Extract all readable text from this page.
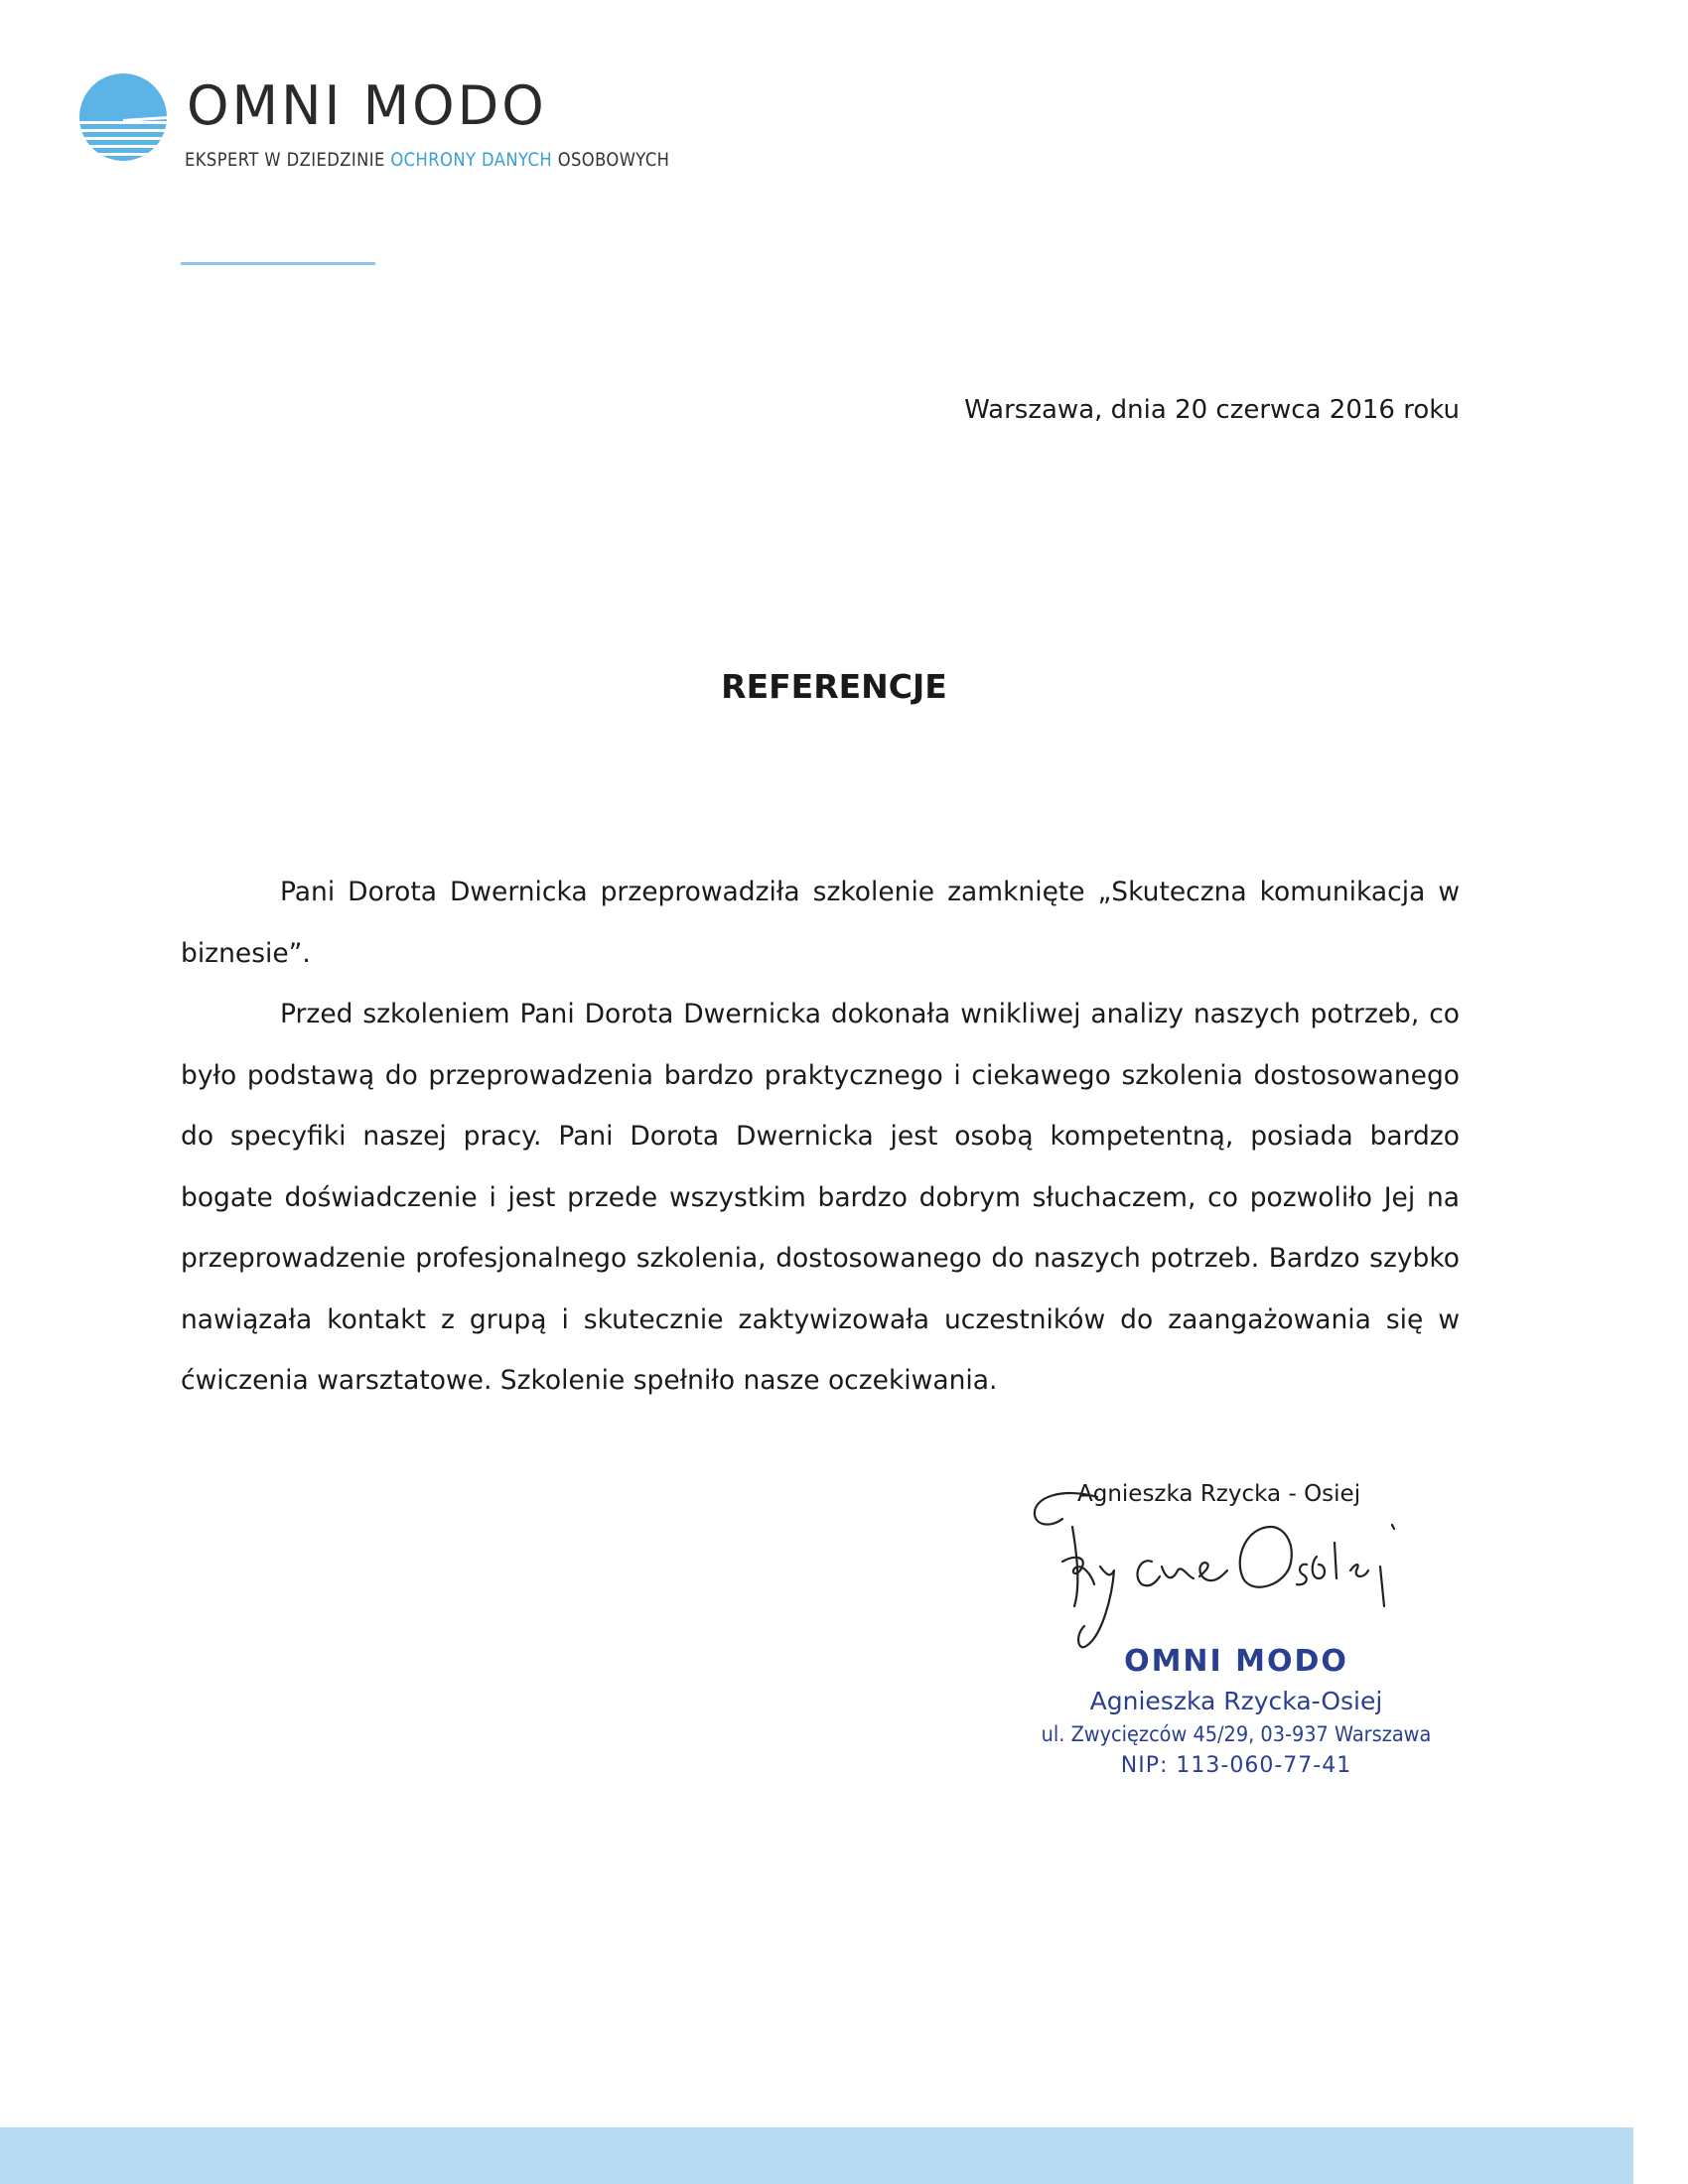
OMNI MODO
EKSPERT W DZIEDZINIE OCHRONY DANYCH OSOBOWYCH
Warszawa, dnia 20 czerwca 2016 roku
REFERENCJE

Pani Dorota Dwernicka przeprowadziła szkolenie zamknięte „Skuteczna komunikacja w biznesie”.

Przed szkoleniem Pani Dorota Dwernicka dokonała wnikliwej analizy naszych potrzeb, co było podstawą do przeprowadzenia bardzo praktycznego i ciekawego szkolenia dostosowanego do specyfiki naszej pracy. Pani Dorota Dwernicka jest osobą kompetentną, posiada bardzo bogate doświadczenie i jest przede wszystkim bardzo dobrym słuchaczem, co pozwoliło Jej na przeprowadzenie profesjonalnego szkolenia, dostosowanego do naszych potrzeb. Bardzo szybko nawiązała kontakt z grupą i skutecznie zaktywizowała uczestników do zaangażowania się w ćwiczenia warsztatowe. Szkolenie spełniło nasze oczekiwania.

Agnieszka Rzycka - Osiej
OMNI MODO
Agnieszka Rzycka-Osiej
ul. Zwycięzców 45/29, 03-937 Warszawa
NIP: 113-060-77-41
